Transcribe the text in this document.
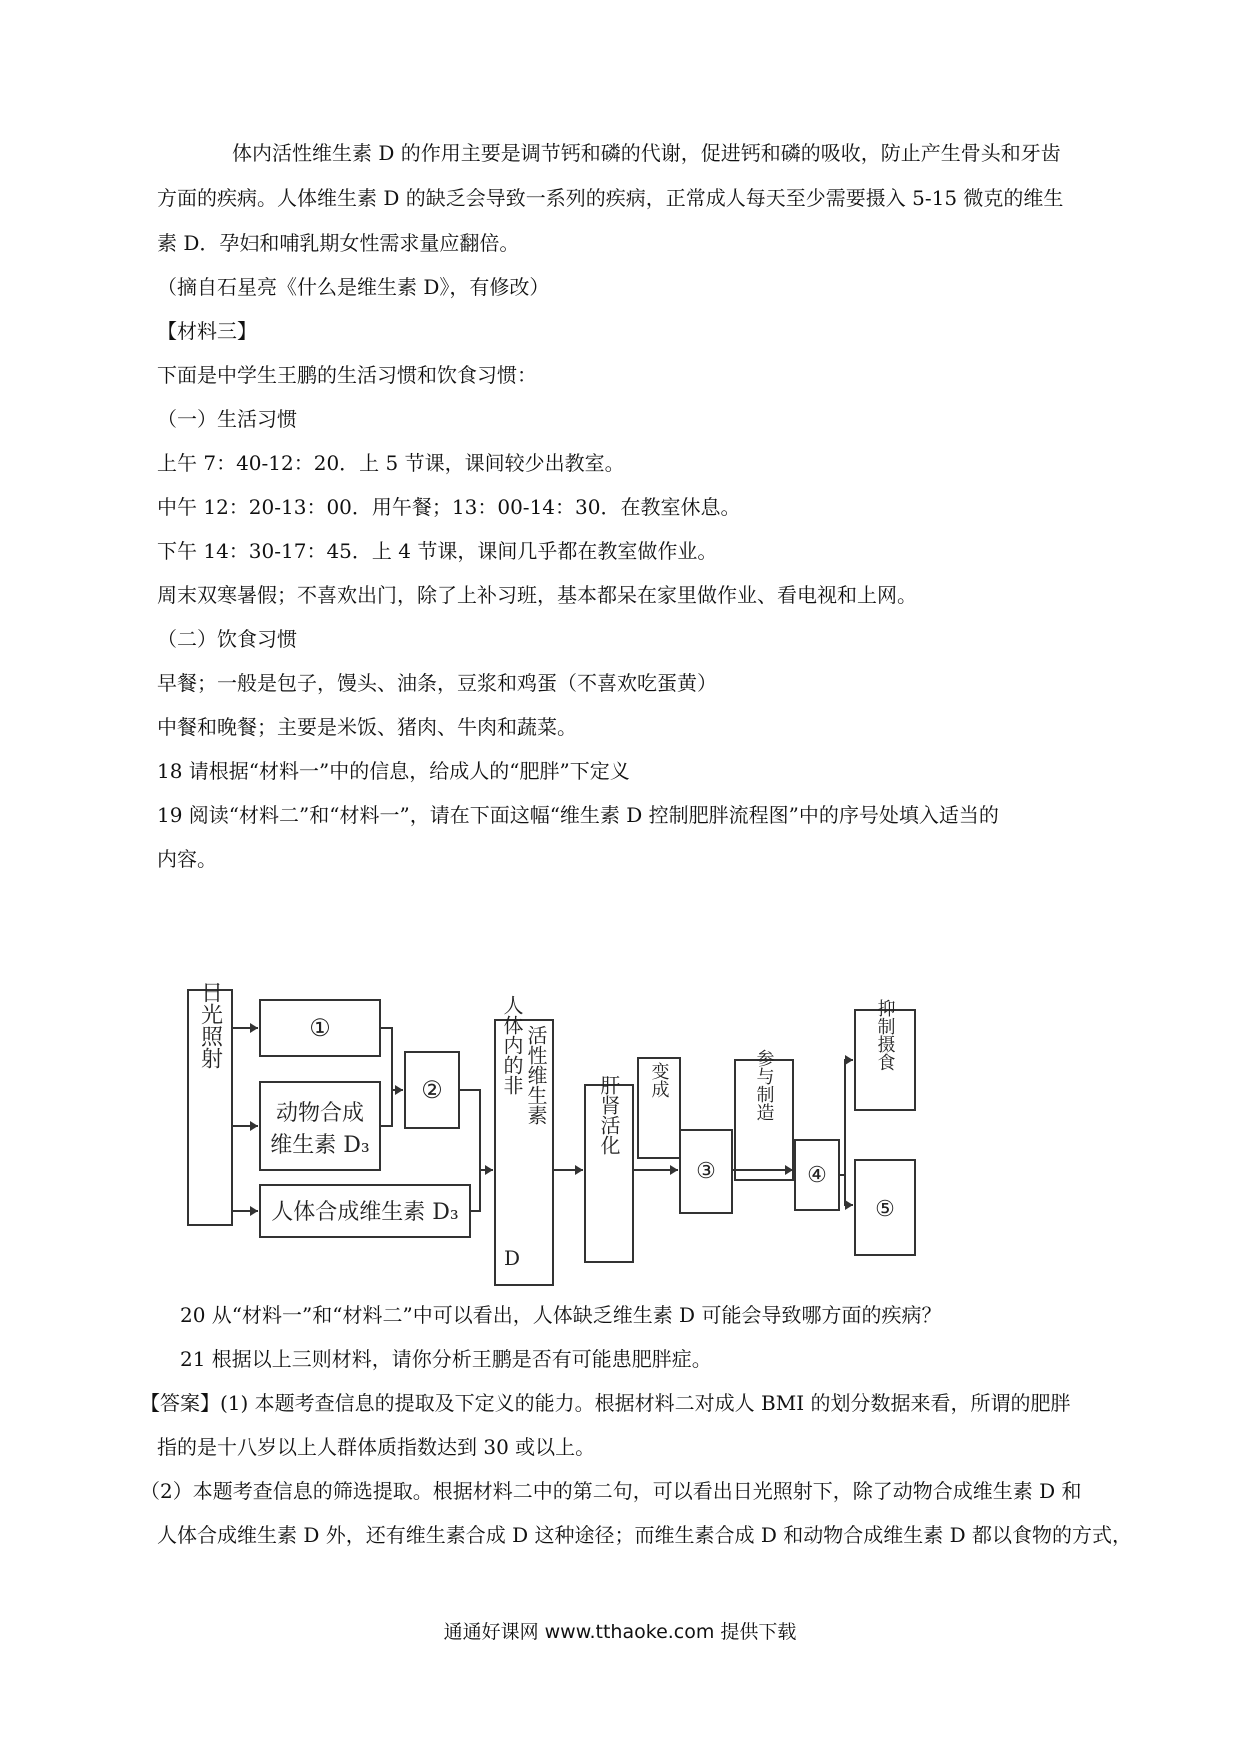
体内活性维生素 D 的作用主要是调节钙和磷的代谢，促进钙和磷的吸收，防止产生骨头和牙齿
方面的疾病。人体维生素 D 的缺乏会导致一系列的疾病，正常成人每天至少需要摄入 5-15 微克的维生
素 D．孕妇和哺乳期女性需求量应翻倍。
（摘自石星亮《什么是维生素 D》，有修改）
【材料三】
下面是中学生王鹏的生活习惯和饮食习惯：
（一）生活习惯
上午 7：40-12：20．上 5 节课，课间较少出教室。
中午 12：20-13：00．用午餐；13：00-14：30．在教室休息。
下午 14：30-17：45．上 4 节课，课间几乎都在教室做作业。
周末双寒暑假；不喜欢出门，除了上补习班，基本都呆在家里做作业、看电视和上网。
（二）饮食习惯
早餐；一般是包子，馒头、油条，豆浆和鸡蛋（不喜欢吃蛋黄）
中餐和晚餐；主要是米饭、猪肉、牛肉和蔬菜。
18 请根据“材料一”中的信息，给成人的“肥胖”下定义
19 阅读“材料二”和“材料一”，请在下面这幅“维生素 D 控制肥胖流程图”中的序号处填入适当的
内容。
日光照射	①
动物合成
维生素 D₃
人体合成维生素 D₃
②	人体内的非 活性维生素
D
肝肾活化 变成
③
参与制造
④
抑制摄食
⑤
20 从“材料一”和“材料二”中可以看出，人体缺乏维生素 D 可能会导致哪方面的疾病？
21 根据以上三则材料，请你分析王鹏是否有可能患肥胖症。
【答案】(1) 本题考查信息的提取及下定义的能力。根据材料二对成人 BMI 的划分数据来看，所谓的肥胖
指的是十八岁以上人群体质指数达到 30 或以上。
（2）本题考查信息的筛选提取。根据材料二中的第二句，可以看出日光照射下，除了动物合成维生素 D 和
人体合成维生素 D 外，还有维生素合成 D 这种途径；而维生素合成 D 和动物合成维生素 D 都以食物的方式，
通通好课网 www.tthaoke.com 提供下载
